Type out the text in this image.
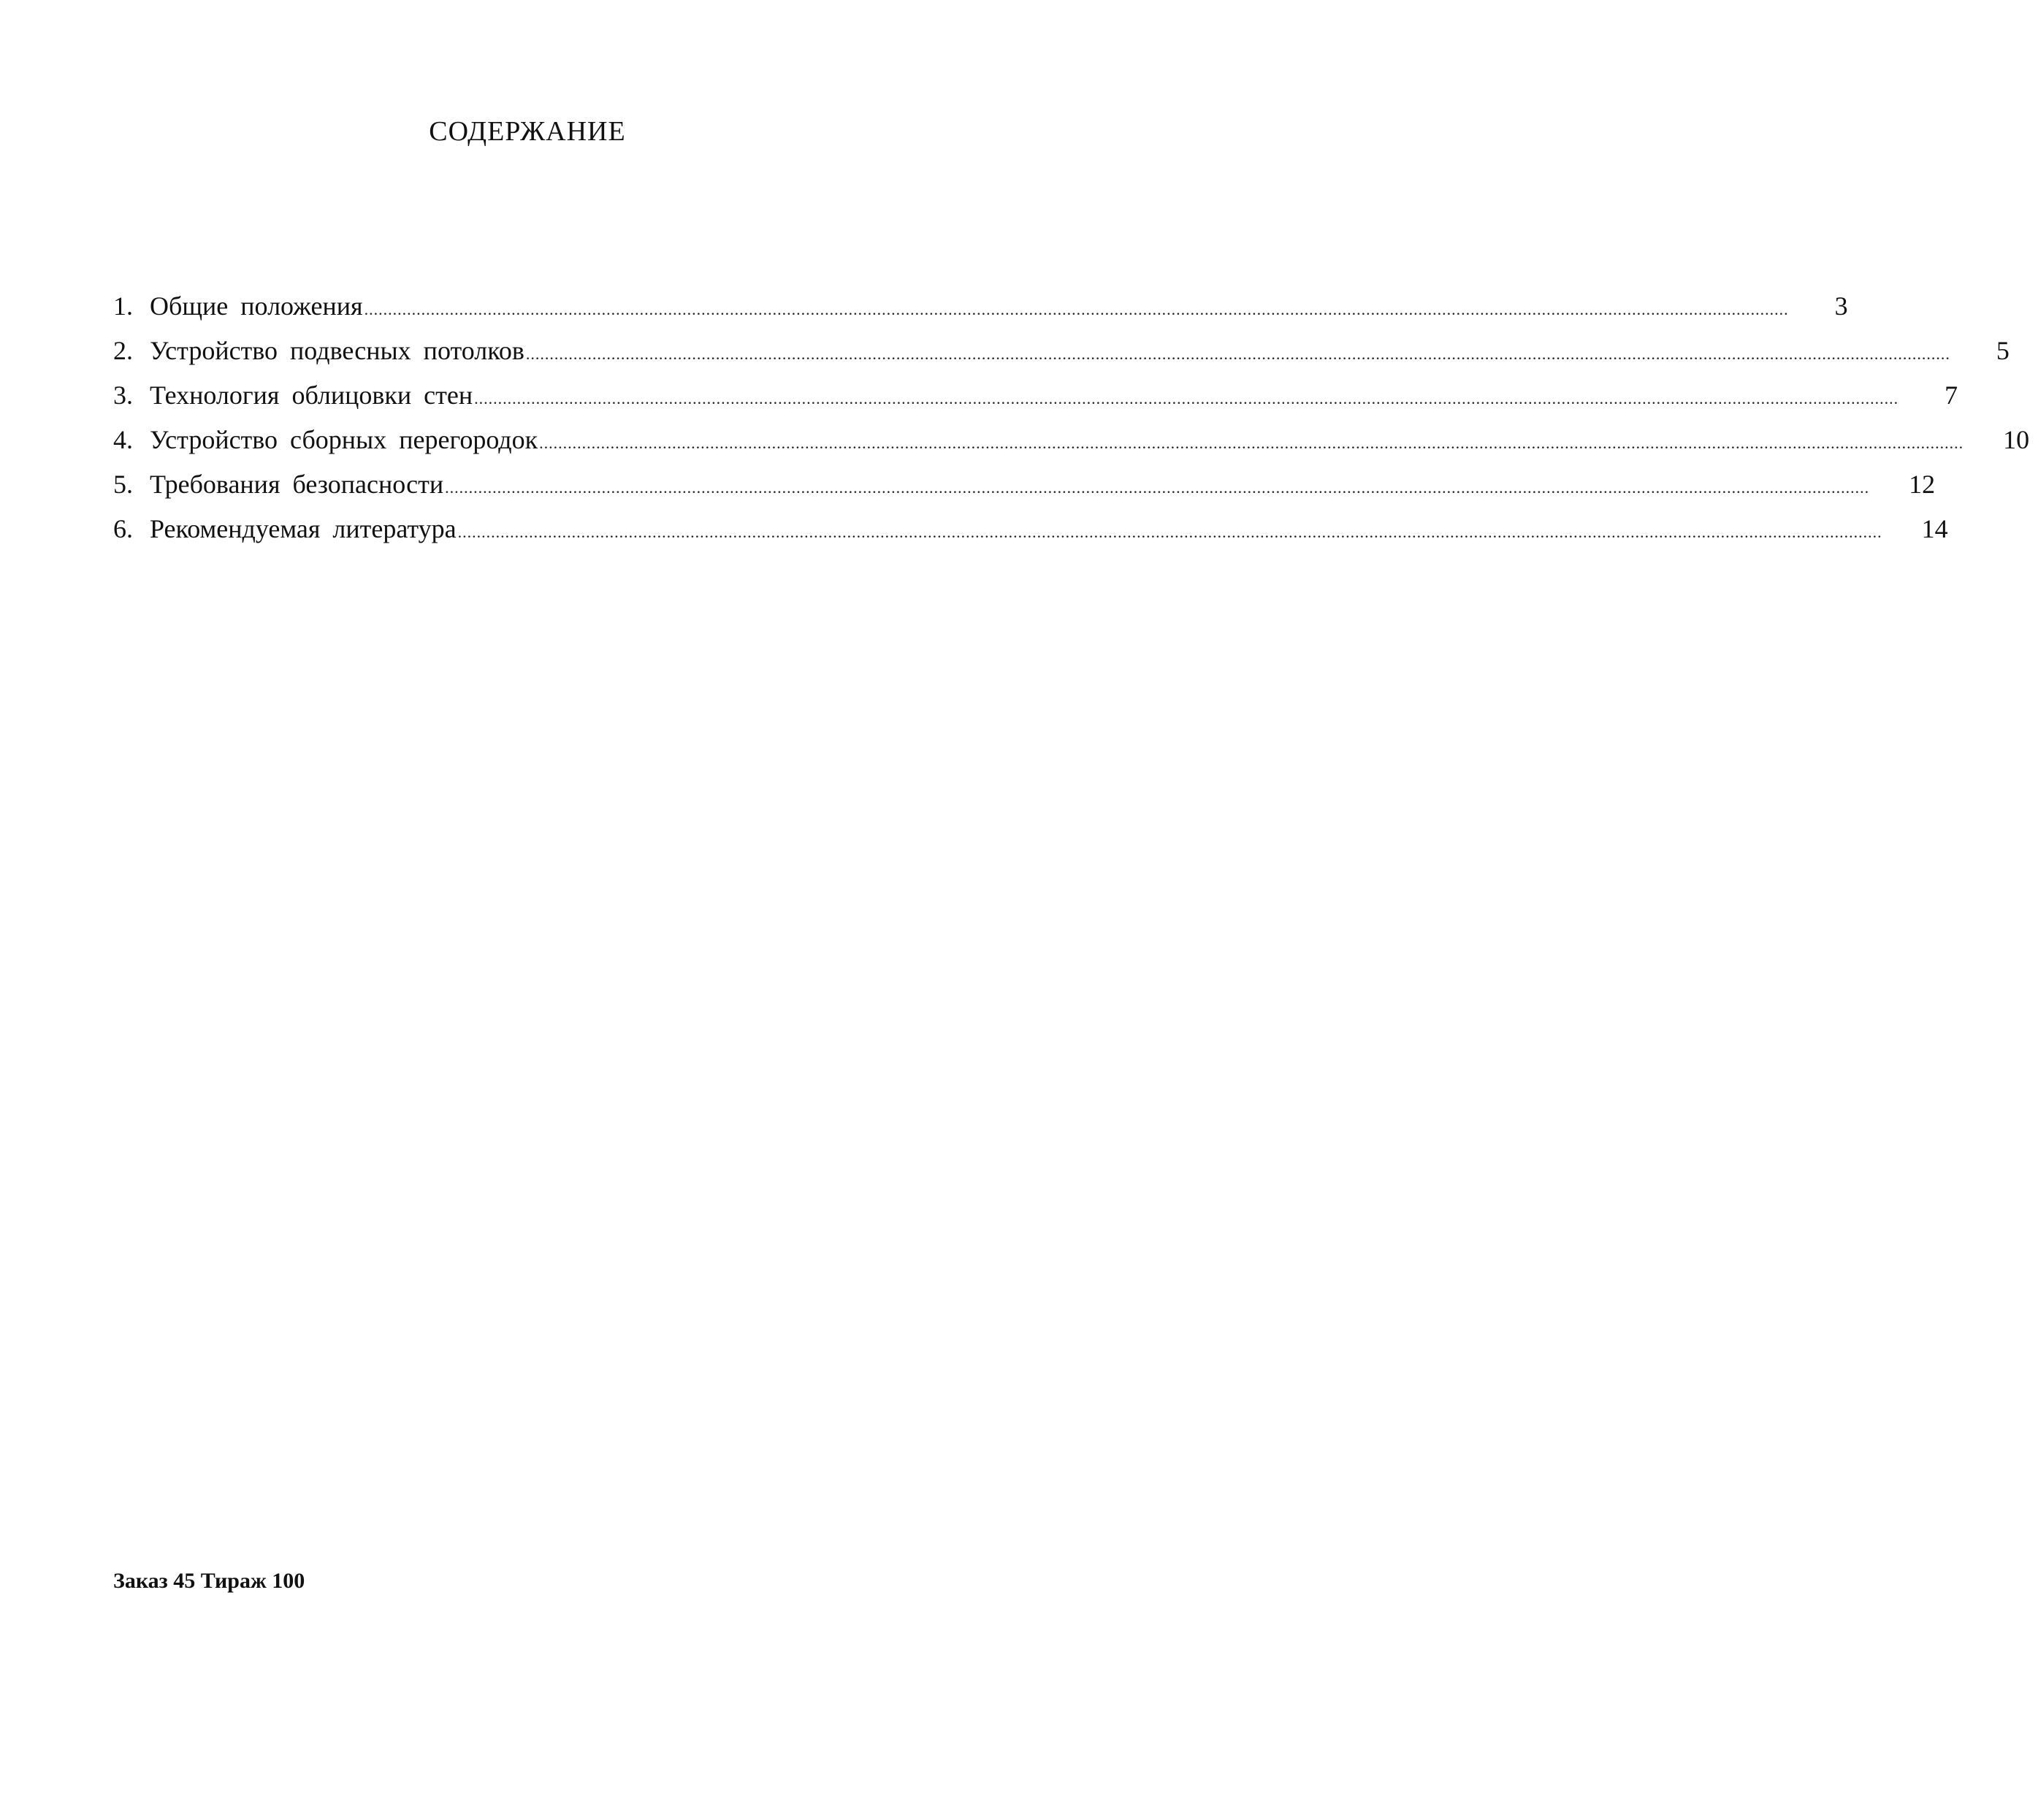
СОДЕРЖАНИЕ
1. Общие положения ............................................................................................................................................................................................................................................................................................................	3
2. Устройство подвесных потолков ............................................................................................................................................................................................................................................................................................................	5
3. Технология облицовки стен ............................................................................................................................................................................................................................................................................................................	7
4. Устройство сборных перегородок ............................................................................................................................................................................................................................................................................................................	10
5. Требования безопасности ............................................................................................................................................................................................................................................................................................................	12
6. Рекомендуемая литература ............................................................................................................................................................................................................................................................................................................	14

Заказ 45 Тираж 100
